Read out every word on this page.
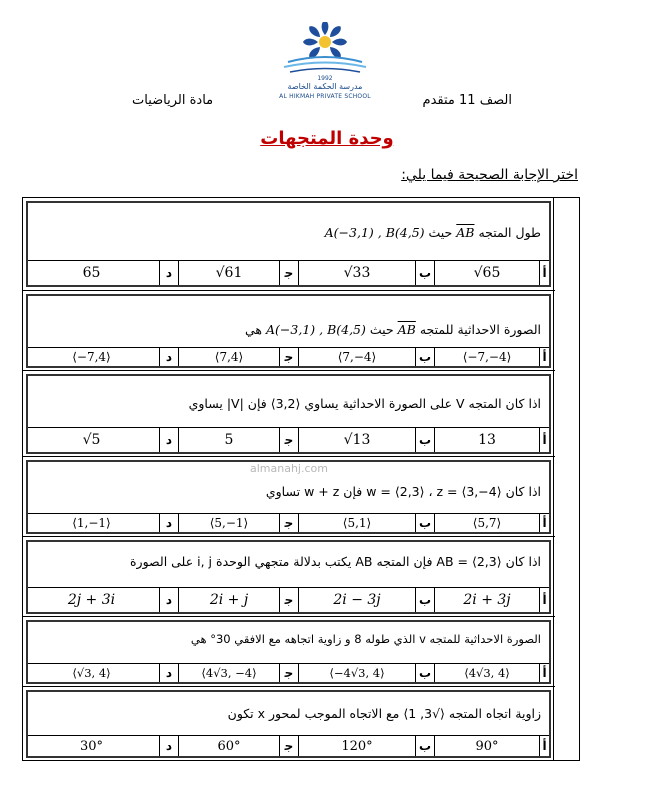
1992
مدرسة الحكمة الخاصة
AL HIKMAH PRIVATE SCHOOL	الصف 11 متقدم
مادة الرياضيات
وحدة المتجهات
اختر الإجابة الصحيحة فيما يلي:
طول المتجه $\overline{AB}$ حيث A(−3,1) , B(4,5)
أ
√65
ب
√33
ﺟ
√61
د
65
الصورة الاحداثية للمتجه $\overline{AB}$ حيث A(−3,1) , B(4,5) هي
أ
⟨−7,−4⟩
ب
⟨7,−4⟩
ﺟ
⟨7,4⟩
د
⟨−7,4⟩
اذا كان المتجه V على الصورة الاحداثية يساوي ⟨3,2⟩ فإن |V| يساوي
أ
13
ب
√13
ﺟ
5
د
√5
اذا كان w = ⟨2,3⟩ ، z = ⟨3,−4⟩ فإن w + z تساوي
أ
⟨5,7⟩
ب
⟨5,1⟩
ﺟ
⟨5,−1⟩
د
⟨1,−1⟩
اذا كان AB = ⟨2,3⟩ فإن المتجه AB يكتب بدلالة متجهي الوحدة i, j على الصورة
أ
2i + 3j
ب
2i − 3j
ﺟ
2i + j
د
2j + 3i
الصورة الاحداثية للمتجه v الذي طوله 8 و زاوية اتجاهه مع الافقي 30° هي
أ
⟨4√3, 4⟩
ب
⟨−4√3, 4⟩
ﺟ
⟨4√3, −4⟩
د
⟨√3, 4⟩
زاوية اتجاه المتجه ⟨√3, 1⟩ مع الاتجاه الموجب لمحور x تكون
أ
90°
ب
120°
ﺟ
60°
د
30°
almanahj.com
